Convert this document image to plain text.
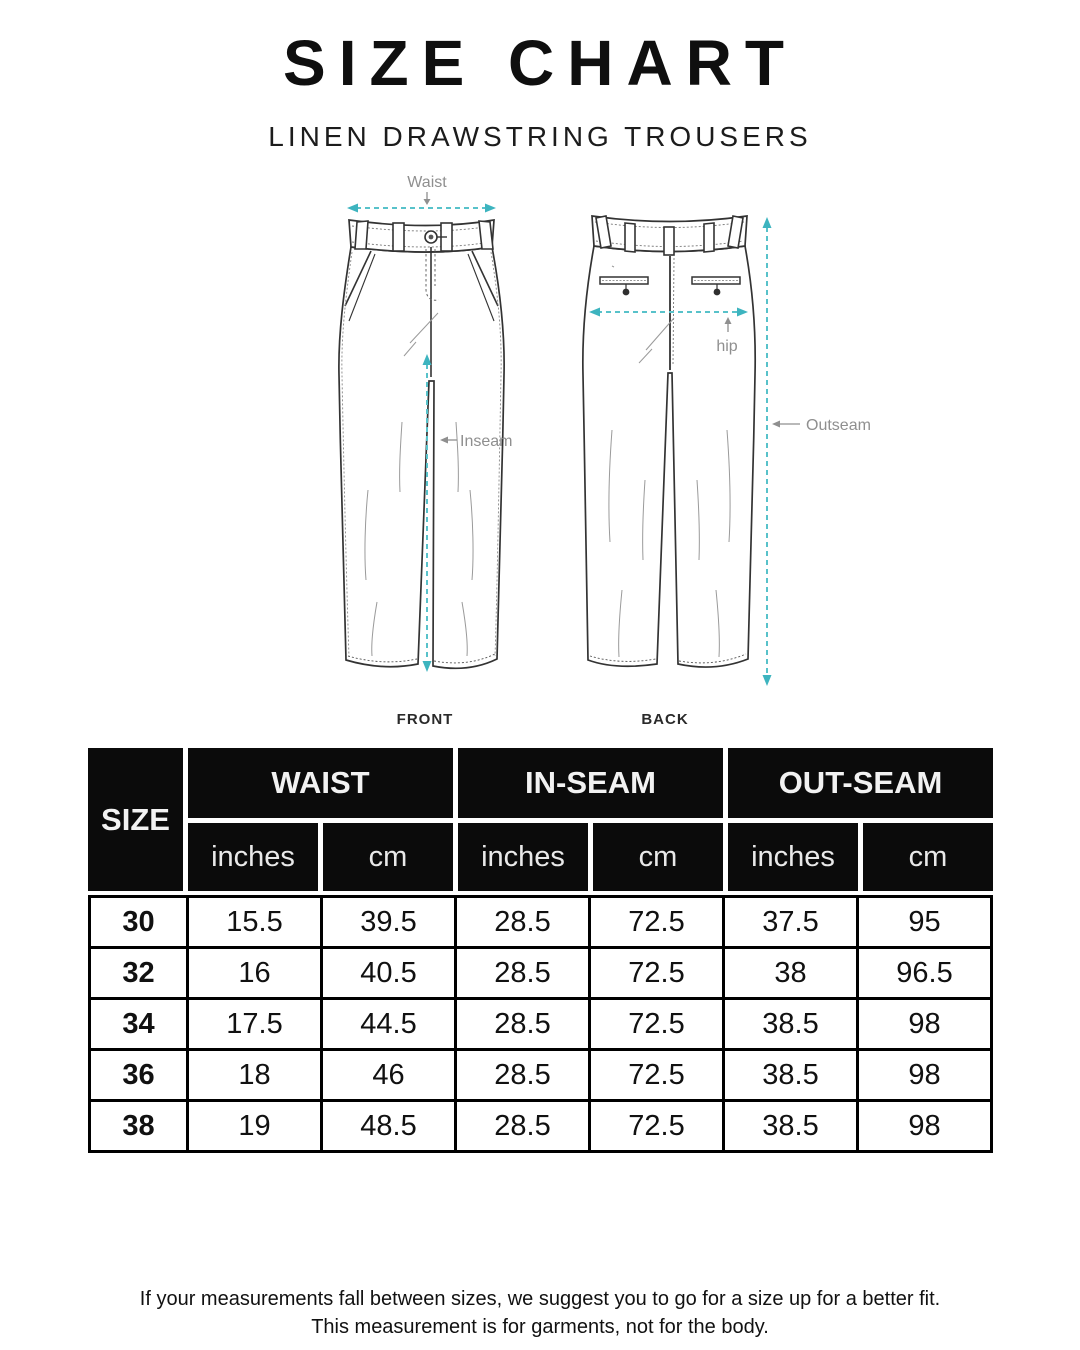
SIZE CHART
LINEN DRAWSTRING TROUSERS
Waist
Inseam
hip
Outseam
FRONT	BACK
SIZE
WAIST	IN-SEAM	OUT-SEAM
inches	cm	inches	cm	inches	cm
30	15.5	39.5	28.5	72.5	37.5	95
32	16	40.5	28.5	72.5	38	96.5
34	17.5	44.5	28.5	72.5	38.5	98
36	18	46	28.5	72.5	38.5	98
38	19	48.5	28.5	72.5	38.5	98
If your measurements fall between sizes, we suggest you to go for a size up for a better fit.
This measurement is for garments, not for the body.
